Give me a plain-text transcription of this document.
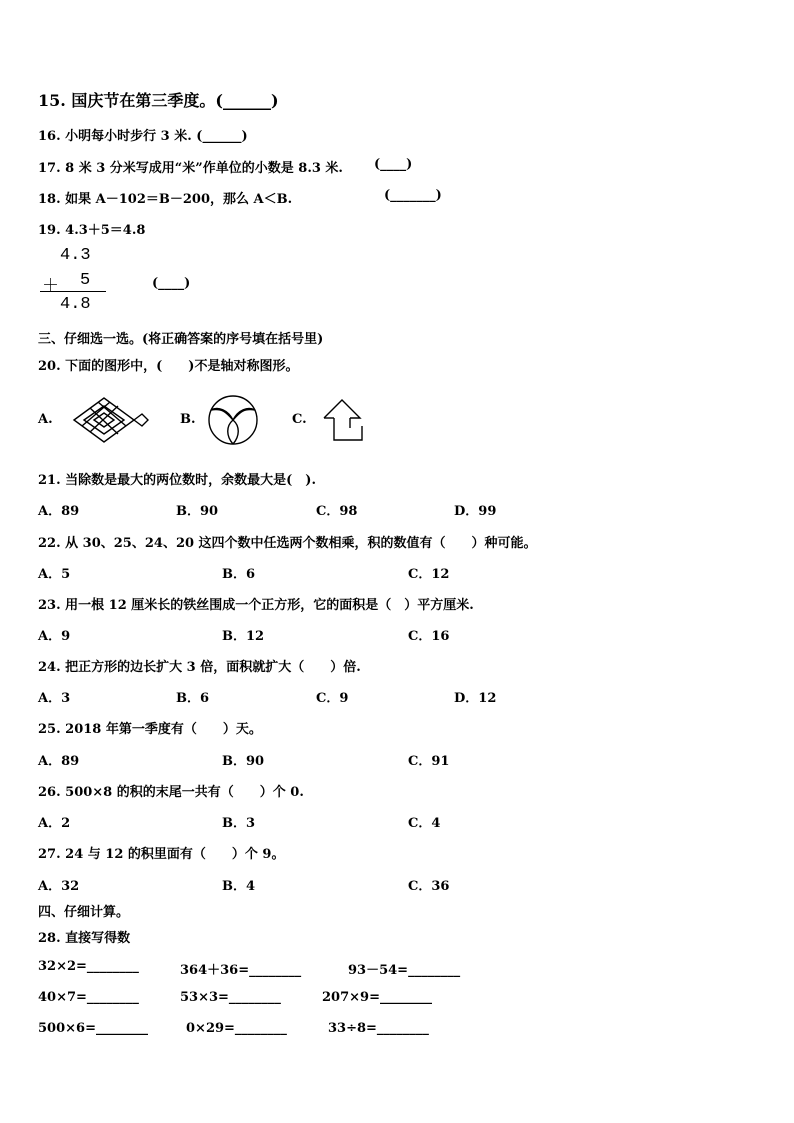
15. 国庆节在第三季度。(______)
16. 小明每小时步行 3 米. (______)
17. 8 米 3 分米写成用“米”作单位的小数是 8.3 米. (____)
18. 如果 A－102＝B－200，那么 A＜B.	(_______)
19. 4.3＋5＝4.8
4.3
＋ 5
4.8
(____)
三、仔细选一选。(将正确答案的序号填在括号里)
20. 下面的图形中，(　　)不是轴对称图形。
A.	B.	C.
21. 当除数是最大的两位数时，余数最大是(　).
A．89	B．90	C．98	D．99
22. 从 30、25、24、20 这四个数中任选两个数相乘，积的数值有（　　）种可能。
A．5	B．6	C．12
23. 用一根 12 厘米长的铁丝围成一个正方形，它的面积是（　）平方厘米.
A．9	B．12	C．16
24. 把正方形的边长扩大 3 倍，面积就扩大（　　）倍.
A．3	B．6	C．9	D．12
25. 2018 年第一季度有（　　）天。
A．89	B．90	C．91
26. 500×8 的积的末尾一共有（　　）个 0.
A．2	B．3	C．4
27. 24 与 12 的积里面有（　　）个 9。
A．32	B．4	C．36
四、仔细计算。
28. 直接写得数
32×2=________	364＋36=________	93－54=________
40×7=________	53×3=________	207×9=________
500×6=________	0×29=________	33÷8=________
